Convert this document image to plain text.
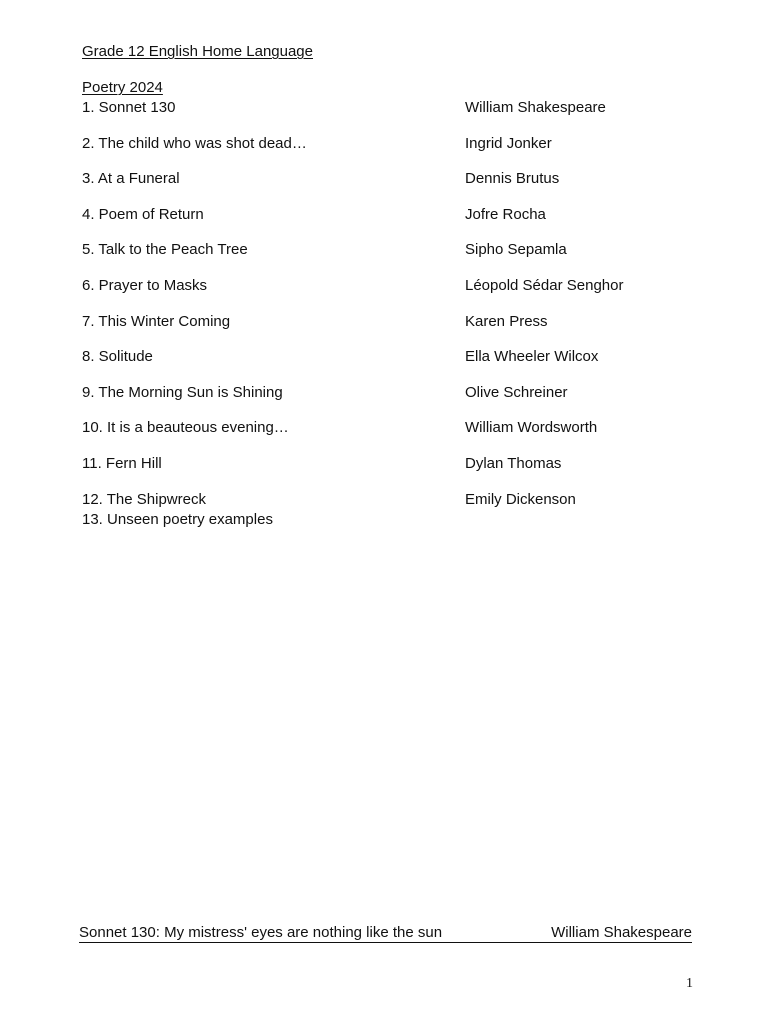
Grade 12 English Home Language
Poetry 2024
1. Sonnet 130	William Shakespeare
2. The child who was shot dead…	Ingrid Jonker
3. At a Funeral	Dennis Brutus
4. Poem of Return	Jofre Rocha
5. Talk to the Peach Tree	Sipho Sepamla
6. Prayer to Masks	Léopold Sédar Senghor
7. This Winter Coming	Karen Press
8. Solitude	Ella Wheeler Wilcox
9. The Morning Sun is Shining	Olive Schreiner
10. It is a beauteous evening…	William Wordsworth
11. Fern Hill	Dylan Thomas
12. The Shipwreck	Emily Dickenson
13. Unseen poetry examples
Sonnet 130: My mistress' eyes are nothing like the sun	William Shakespeare
1
